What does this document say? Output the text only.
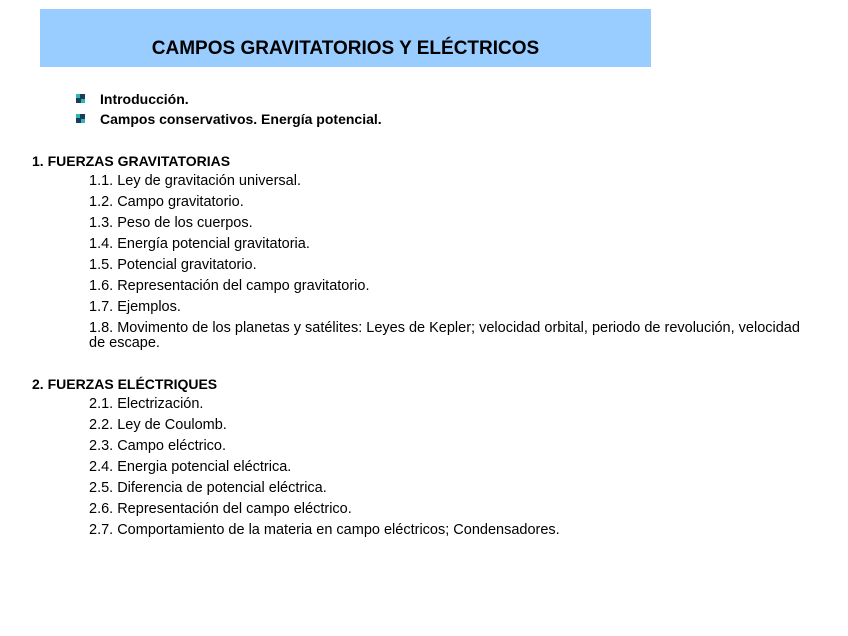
CAMPOS GRAVITATORIOS Y ELÉCTRICOS
Introducción.
Campos conservativos. Energía potencial.
1. FUERZAS GRAVITATORIAS
1.1. Ley de gravitación universal.
1.2. Campo gravitatorio.
1.3. Peso de los cuerpos.
1.4. Energía potencial gravitatoria.
1.5. Potencial gravitatorio.
1.6. Representación del campo gravitatorio.
1.7. Ejemplos.
1.8. Movimento de los planetas y satélites: Leyes de Kepler; velocidad orbital, periodo de revolución, velocidad de escape.
2. FUERZAS ELÉCTRIQUES
2.1. Electrización.
2.2. Ley de Coulomb.
2.3. Campo eléctrico.
2.4. Energia potencial eléctrica.
2.5. Diferencia de potencial eléctrica.
2.6. Representación del campo eléctrico.
2.7. Comportamiento de la materia en campo eléctricos; Condensadores.
